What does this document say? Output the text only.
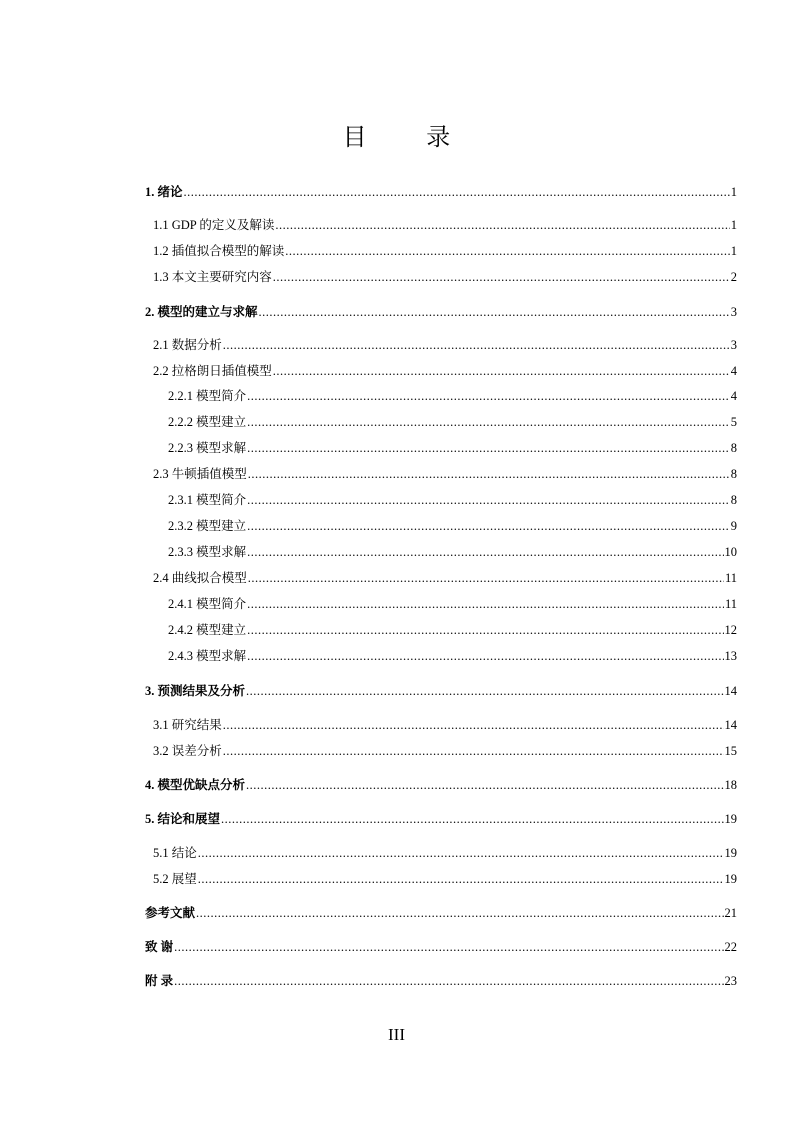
目 录
1. 绪论 .....	1
1.1 GDP 的定义及解读 .....	1
1.2 插值拟合模型的解读 .....	1
1.3 本文主要研究内容 .....	2
2. 模型的建立与求解 .....	3
2.1 数据分析 .....	3
2.2 拉格朗日插值模型 .....	4
2.2.1 模型简介 .....	4
2.2.2 模型建立 .....	5
2.2.3 模型求解 .....	8
2.3 牛顿插值模型 .....	8
2.3.1 模型简介 .....	8
2.3.2 模型建立 .....	9
2.3.3 模型求解 .....	10
2.4 曲线拟合模型 .....	11
2.4.1 模型简介 .....	11
2.4.2 模型建立 .....	12
2.4.3 模型求解 .....	13
3. 预测结果及分析 .....	14
3.1 研究结果 .....	14
3.2 误差分析 .....	15
4. 模型优缺点分析 .....	18
5. 结论和展望 .....	19
5.1 结论 .....	19
5.2 展望 .....	19
参考文献 .....	21
致 谢 .....	22
附 录 .....	23
III
